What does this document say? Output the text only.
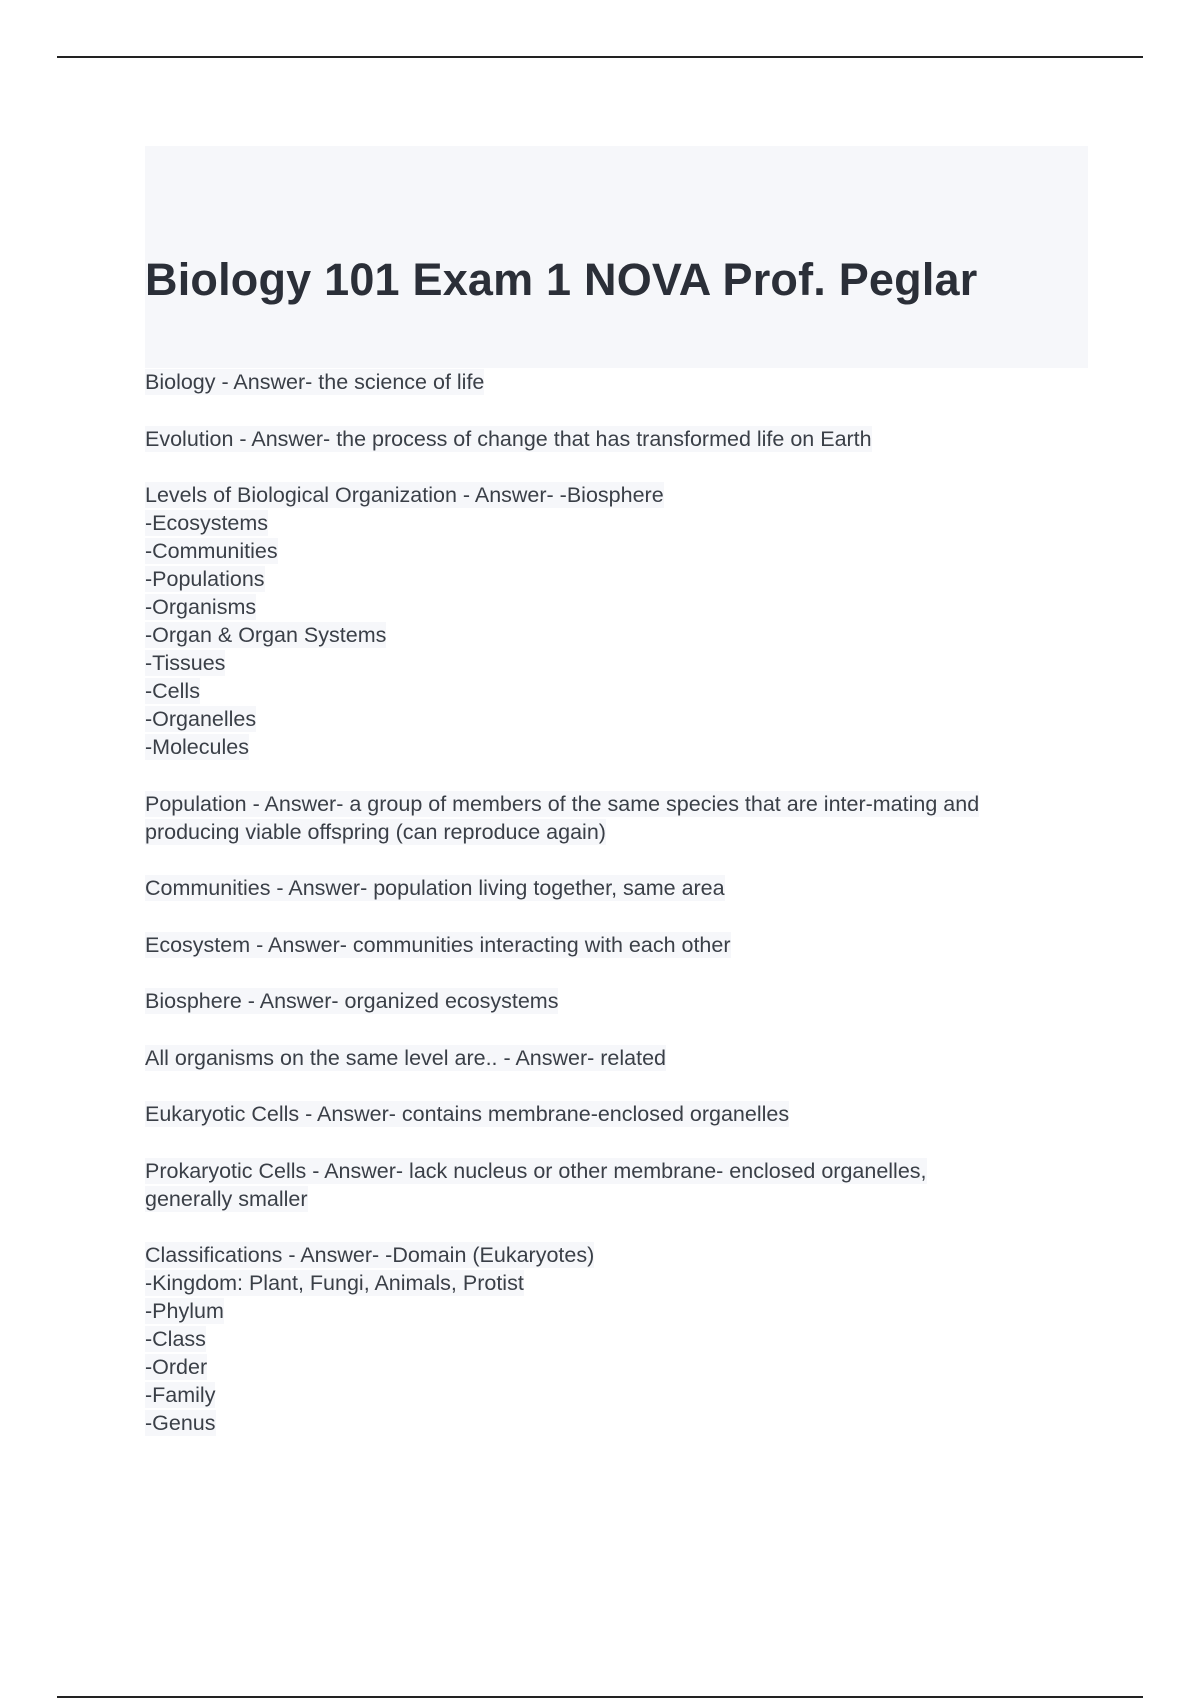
Biology 101 Exam 1 NOVA Prof. Peglar
Biology - Answer- the science of life
Evolution - Answer- the process of change that has transformed life on Earth
Levels of Biological Organization - Answer- -Biosphere
-Ecosystems
-Communities
-Populations
-Organisms
-Organ & Organ Systems
-Tissues
-Cells
-Organelles
-Molecules
Population - Answer- a group of members of the same species that are inter-mating and
producing viable offspring (can reproduce again)
Communities - Answer- population living together, same area
Ecosystem - Answer- communities interacting with each other
Biosphere - Answer- organized ecosystems
All organisms on the same level are.. - Answer- related
Eukaryotic Cells - Answer- contains membrane-enclosed organelles
Prokaryotic Cells - Answer- lack nucleus or other membrane- enclosed organelles,
generally smaller
Classifications - Answer- -Domain (Eukaryotes)
-Kingdom: Plant, Fungi, Animals, Protist
-Phylum
-Class
-Order
-Family
-Genus
